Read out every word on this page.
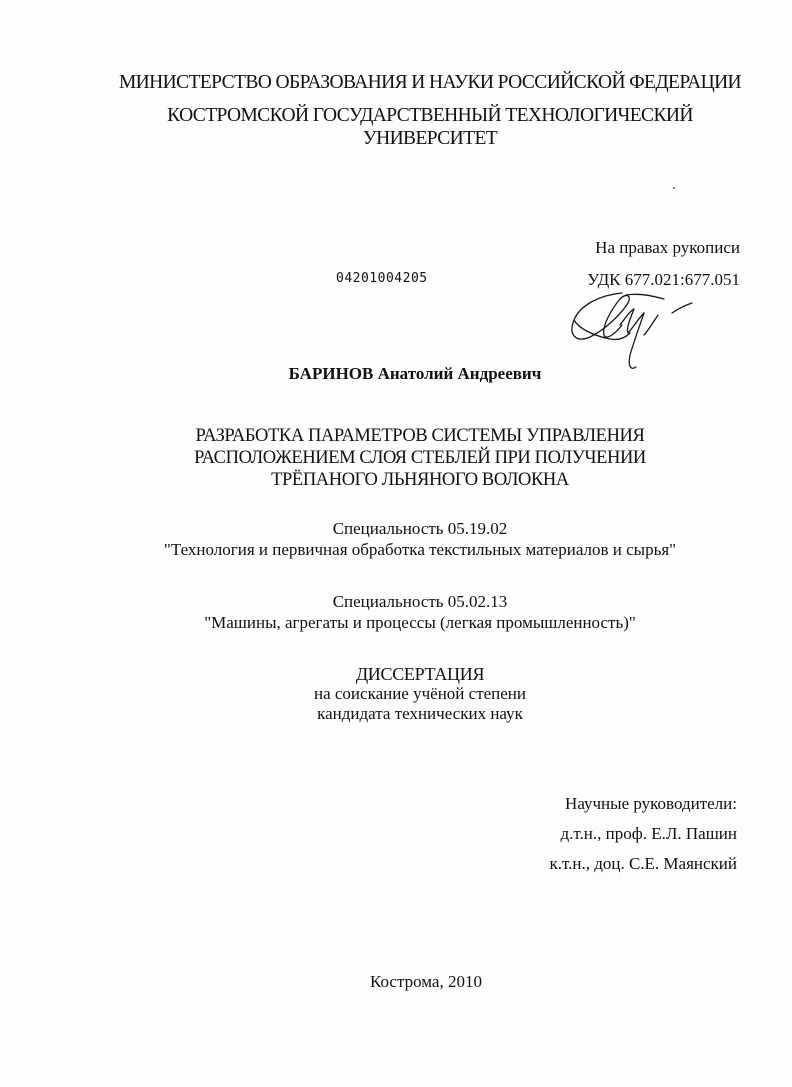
МИНИСТЕРСТВО ОБРАЗОВАНИЯ И НАУКИ РОССИЙСКОЙ ФЕДЕРАЦИИ
КОСТРОМСКОЙ ГОСУДАРСТВЕННЫЙ ТЕХНОЛОГИЧЕСКИЙ
УНИВЕРСИТЕТ
На правах рукописи
04201004205	УДК 677.021:677.051
БАРИНОВ Анатолий Андреевич
РАЗРАБОТКА ПАРАМЕТРОВ СИСТЕМЫ УПРАВЛЕНИЯ
РАСПОЛОЖЕНИЕМ СЛОЯ СТЕБЛЕЙ ПРИ ПОЛУЧЕНИИ
ТРЁПАНОГО ЛЬНЯНОГО ВОЛОКНА
Специальность 05.19.02
"Технология и первичная обработка текстильных материалов и сырья"
Специальность 05.02.13
"Машины, агрегаты и процессы (легкая промышленность)"
ДИССЕРТАЦИЯ
на соискание учёной степени
кандидата технических наук
Научные руководители:
д.т.н., проф. Е.Л. Пашин
к.т.н., доц. С.Е. Маянский
Кострома, 2010
